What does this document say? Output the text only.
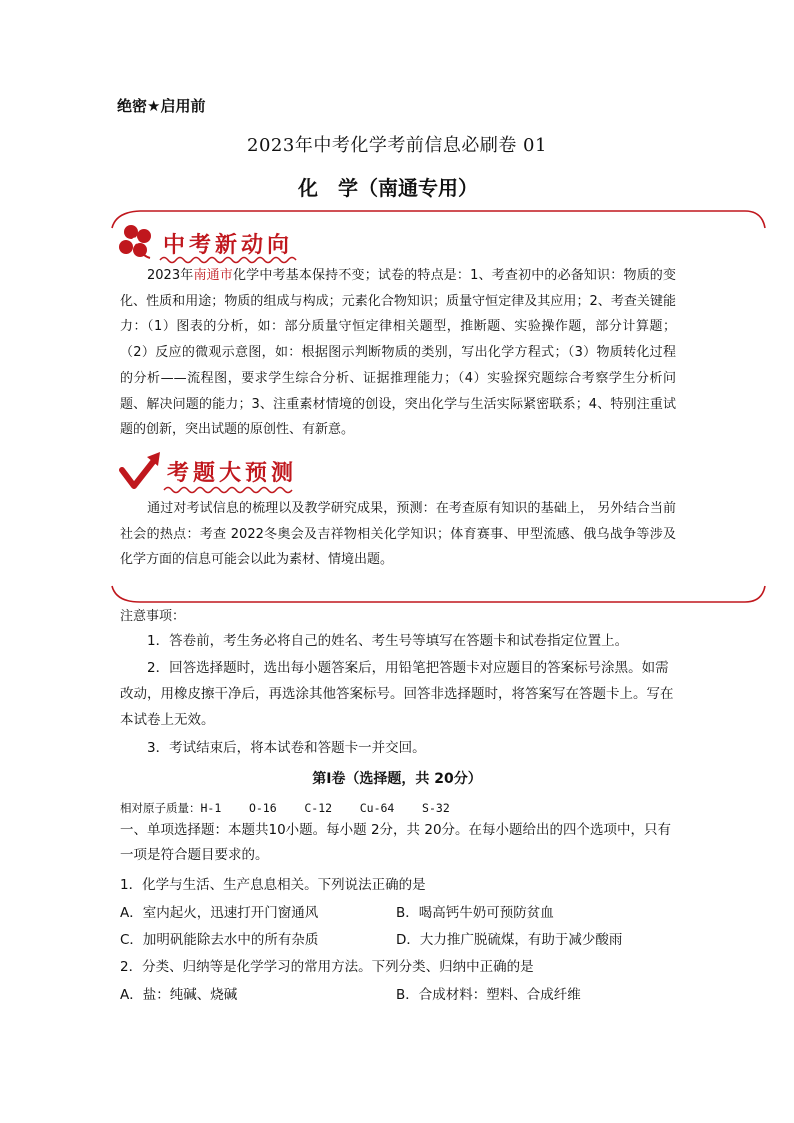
绝密★启用前
2023年中考化学考前信息必刷卷 01
化　学（南通专用）
中考新动向
2023年南通市化学中考基本保持不变；试卷的特点是：1、考查初中的必备知识：物质的变化、性质和用途；物质的组成与构成；元素化合物知识；质量守恒定律及其应用；2、考查关键能力：（1）图表的分析，如：部分质量守恒定律相关题型，推断题、实验操作题，部分计算题；（2）反应的微观示意图，如：根据图示判断物质的类别，写出化学方程式；（3）物质转化过程的分析——流程图，要求学生综合分析、证据推理能力；（4）实验探究题综合考察学生分析问题、解决问题的能力；3、注重素材情境的创设，突出化学与生活实际紧密联系；4、特别注重试题的创新，突出试题的原创性、有新意。
考题大预测
通过对考试信息的梳理以及教学研究成果，预测：在考查原有知识的基础上， 另外结合当前社会的热点：考查 2022冬奥会及吉祥物相关化学知识；体育赛事、甲型流感、俄乌战争等涉及化学方面的信息可能会以此为素材、情境出题。
注意事项：
1．答卷前，考生务必将自己的姓名、考生号等填写在答题卡和试卷指定位置上。
2．回答选择题时，选出每小题答案后，用铅笔把答题卡对应题目的答案标号涂黑。如需改动，用橡皮擦干净后，再选涂其他答案标号。回答非选择题时，将答案写在答题卡上。写在本试卷上无效。
3．考试结束后，将本试卷和答题卡一并交回。
第Ⅰ卷（选择题，共 20分）
相对原子质量：H-1    O-16    C-12    Cu-64    S-32
一、单项选择题：本题共10小题。每小题 2分，共 20分。在每小题给出的四个选项中，只有一项是符合题目要求的。
1．化学与生活、生产息息相关。下列说法正确的是
A．室内起火，迅速打开门窗通风	B．喝高钙牛奶可预防贫血
C．加明矾能除去水中的所有杂质	D．大力推广脱硫煤，有助于减少酸雨
2．分类、归纳等是化学学习的常用方法。下列分类、归纳中正确的是
A．盐：纯碱、烧碱	B．合成材料：塑料、合成纤维
